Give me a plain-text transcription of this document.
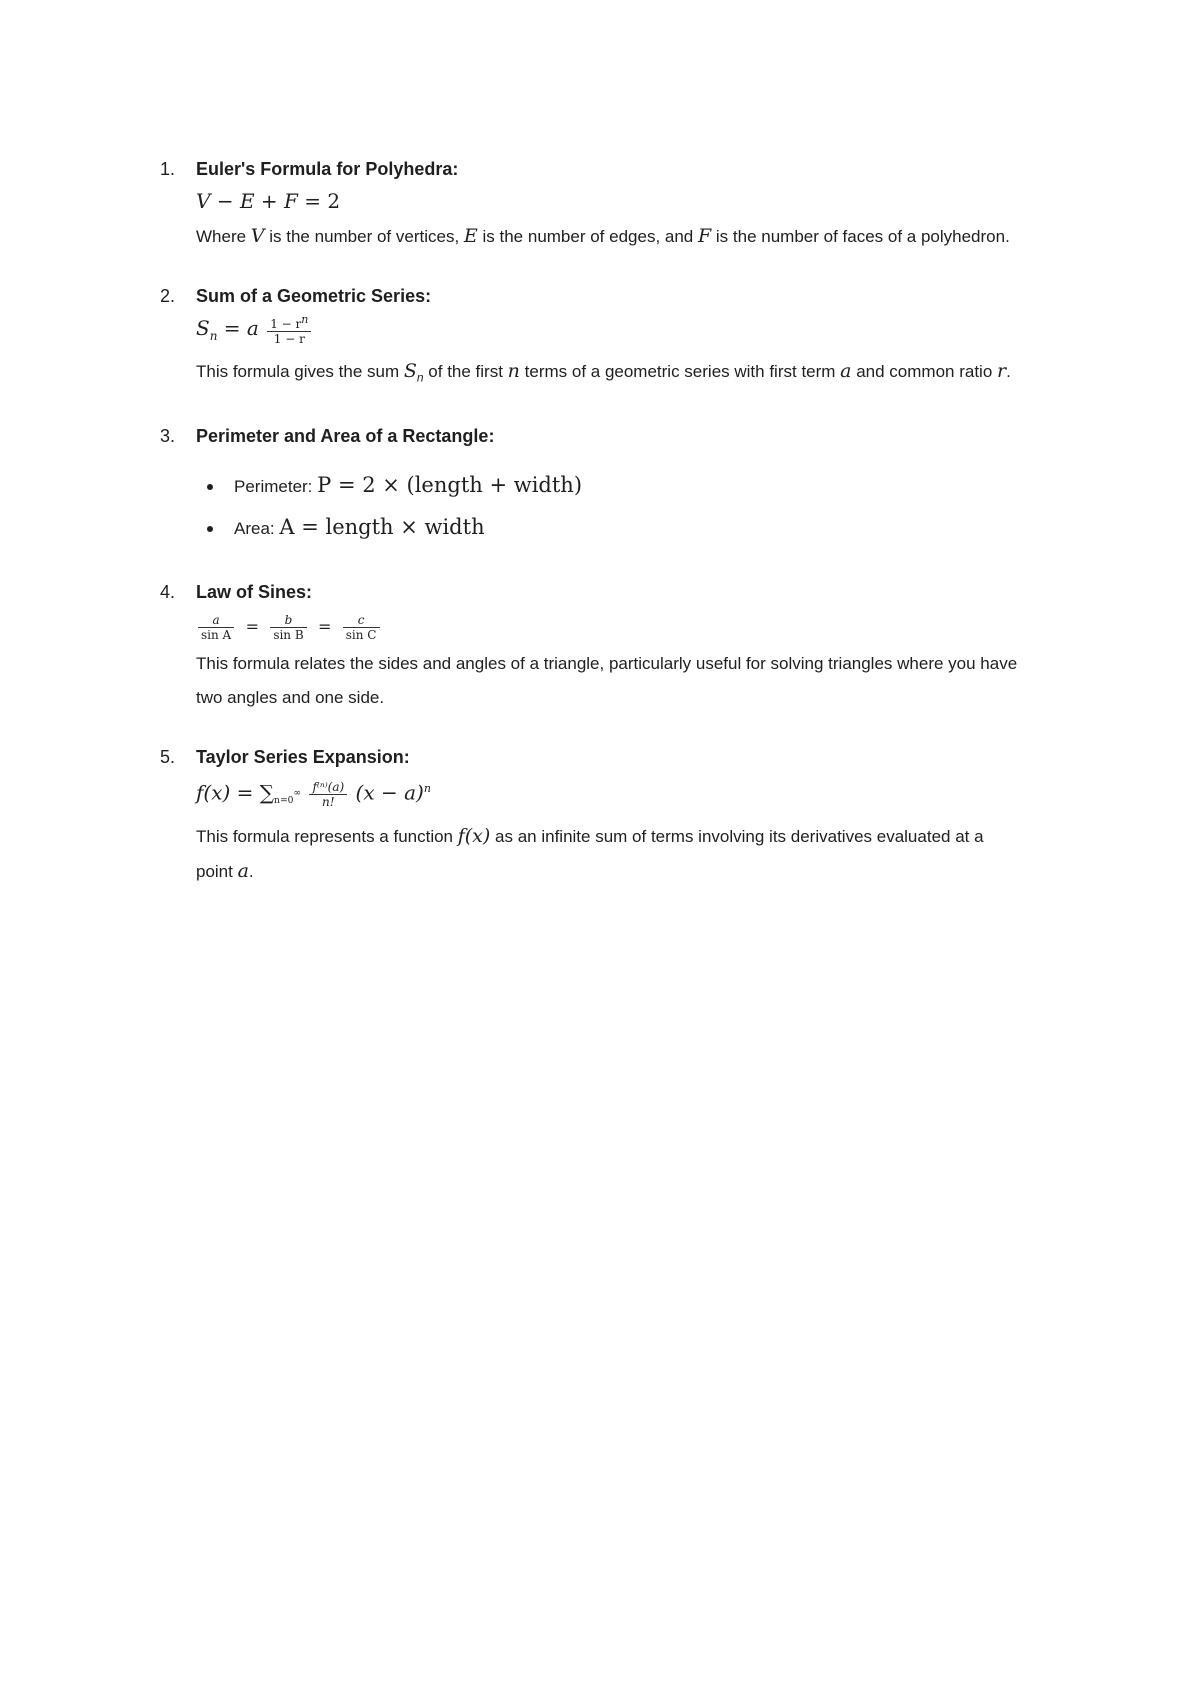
1. Euler's Formula for Polyhedra:
V − E + F = 2

Where V is the number of vertices, E is the number of edges, and F is the number of faces of a polyhedron.

2. Sum of a Geometric Series:
$S_n = a \frac{1 - rn}{1 - r}$

This formula gives the sum $S_n$ of the first n terms of a geometric series with first term a and common ratio r.

3. Perimeter and Area of a Rectangle:
Perimeter: P = 2 × (length + width)
Area: A = length × width
4. Law of Sines:
$\frac{a}{\text{sin A}} = \frac{b}{\text{sin B}} = \frac{c}{\text{sin C}}$

This formula relates the sides and angles of a triangle, particularly useful for solving triangles where you have two angles and one side.

5. Taylor Series Expansion:
$f(x) = \sum_{n=0}^\infty \frac{\text{f⁽ⁿ⁾(a)}}{n!} (x - a)^n$

This formula represents a function f(x) as an infinite sum of terms involving its derivatives evaluated at a point a.
